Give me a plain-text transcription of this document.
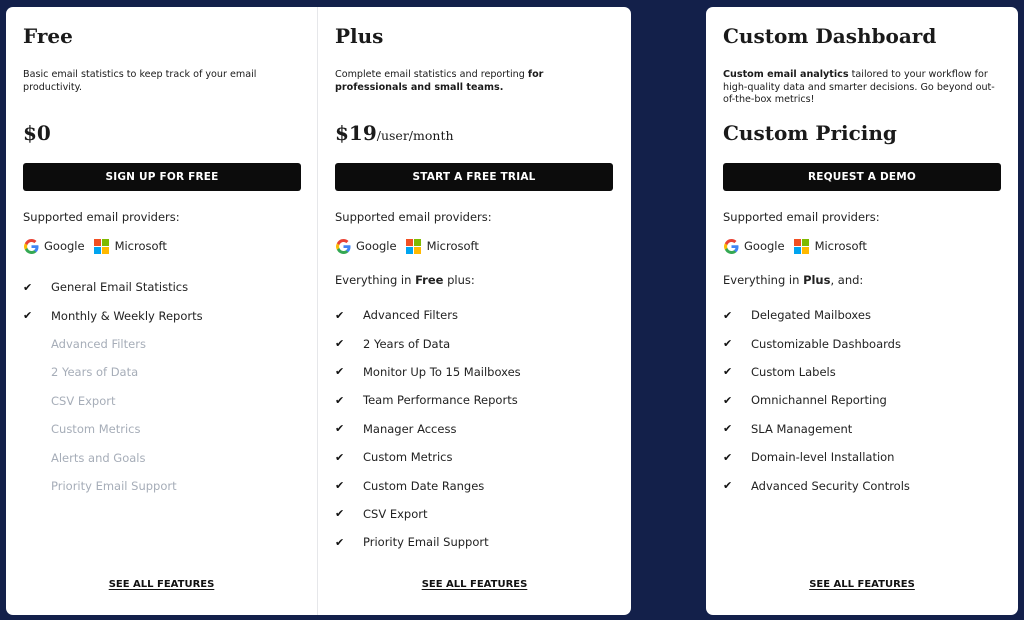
Free

Basic email statistics to keep track of your email productivity.

$0
SIGN UP FOR FREE
Supported email providers:
Google	Microsoft
✔	General Email Statistics
✔	Monthly & Weekly Reports
Advanced Filters
2 Years of Data
CSV Export
Custom Metrics
Alerts and Goals
Priority Email Support
SEE ALL FEATURES
Plus

Complete email statistics and reporting for professionals and small teams.

$19/user/month
START A FREE TRIAL
Supported email providers:
Google	Microsoft
Everything in Free plus:
✔	Advanced Filters
✔	2 Years of Data
✔	Monitor Up To 15 Mailboxes
✔	Team Performance Reports
✔	Manager Access
✔	Custom Metrics
✔	Custom Date Ranges
✔	CSV Export
✔	Priority Email Support
SEE ALL FEATURES
Custom Dashboard

Custom email analytics tailored to your workflow for high-quality data and smarter decisions. Go beyond out-of-the-box metrics!

Custom Pricing
REQUEST A DEMO
Supported email providers:
Google	Microsoft
Everything in Plus, and:
✔	Delegated Mailboxes
✔	Customizable Dashboards
✔	Custom Labels
✔	Omnichannel Reporting
✔	SLA Management
✔	Domain-level Installation
✔	Advanced Security Controls
SEE ALL FEATURES
